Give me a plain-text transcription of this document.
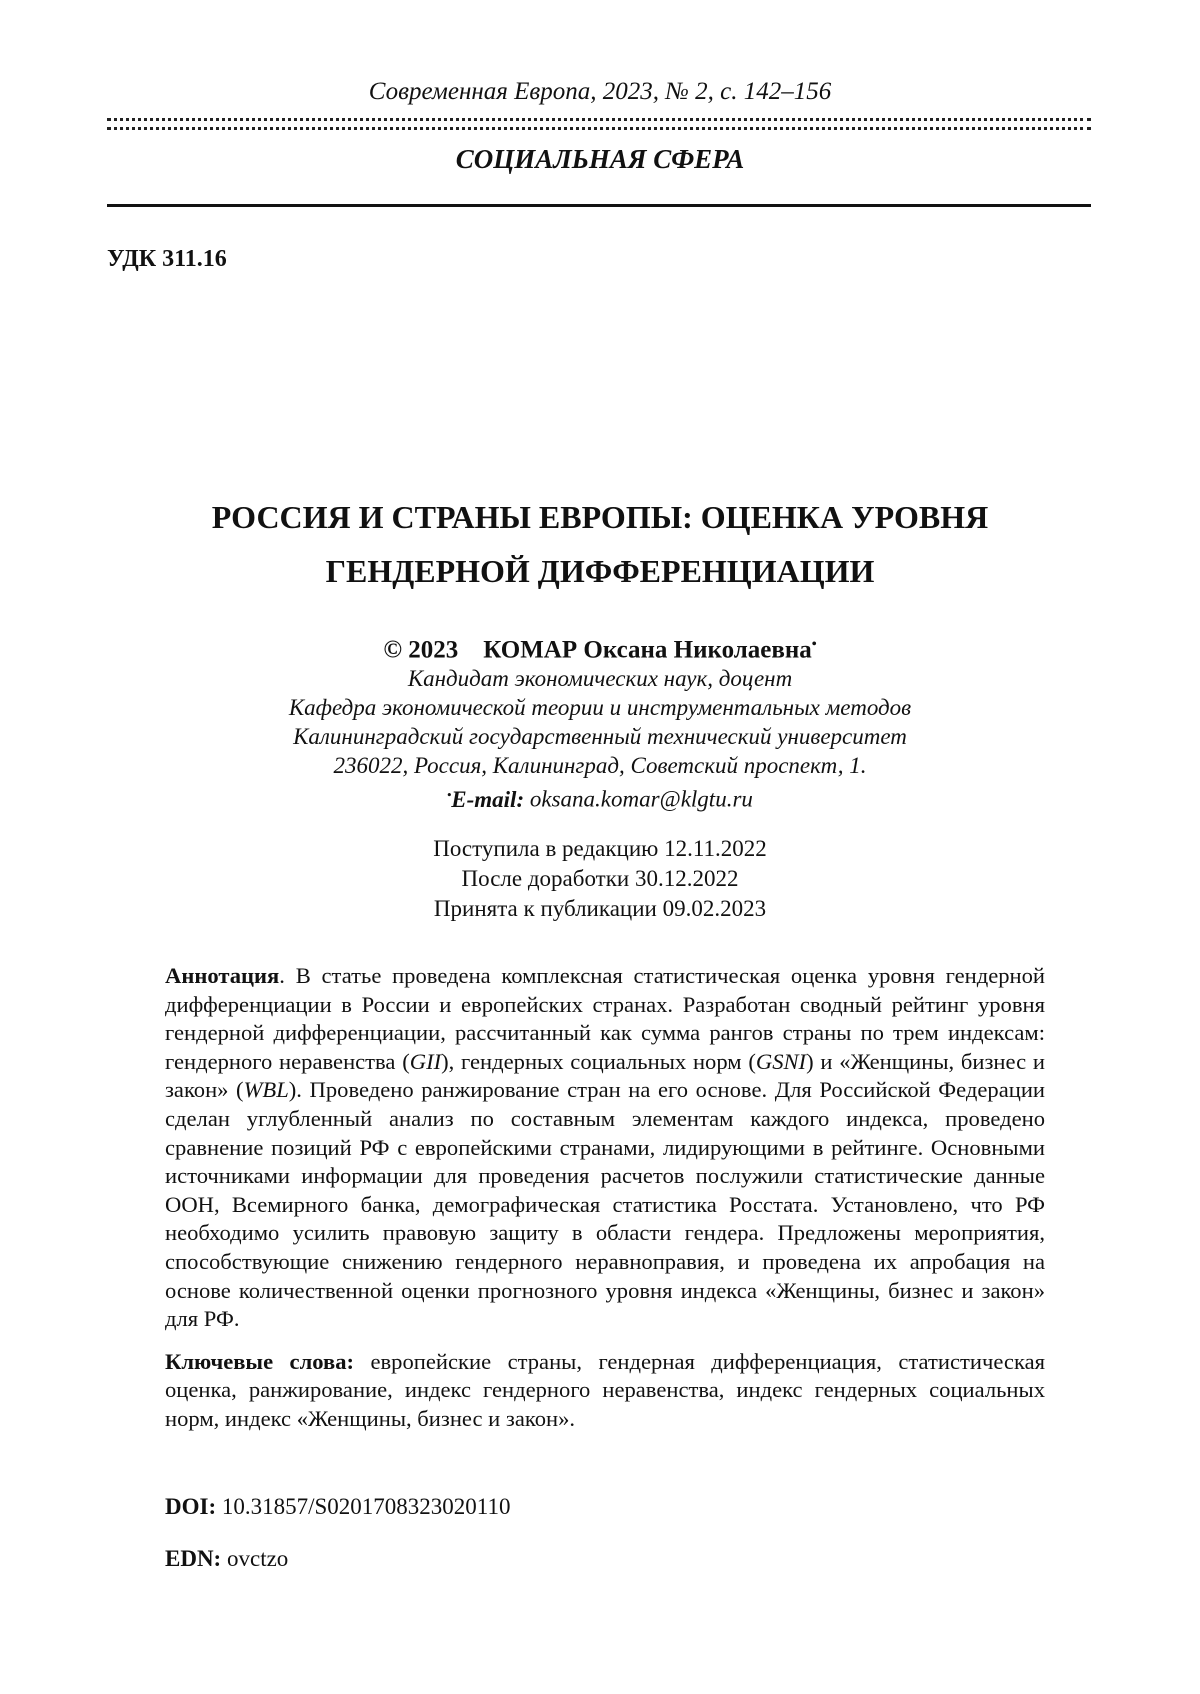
Современная Европа, 2023, № 2, с. 142–156
СОЦИАЛЬНАЯ СФЕРА
УДК 311.16
РОССИЯ И СТРАНЫ ЕВРОПЫ: ОЦЕНКА УРОВНЯ
ГЕНДЕРНОЙ ДИФФЕРЕНЦИАЦИИ
© 2023 КОМАР Оксана Николаевна•
Кандидат экономических наук, доцент
Кафедра экономической теории и инструментальных методов
Калининградский государственный технический университет
236022, Россия, Калининград, Советский проспект, 1.
•E-mail: oksana.komar@klgtu.ru
Поступила в редакцию 12.11.2022
После доработки 30.12.2022
Принята к публикации 09.02.2023

Аннотация. В статье проведена комплексная статистическая оценка уровня гендерной дифференциации в России и европейских странах. Разработан сводный рейтинг уровня гендерной дифференциации, рассчитанный как сумма рангов страны по трем индексам: гендерного неравенства (GII), гендерных социальных норм (GSNI) и «Женщины, бизнес и закон» (WBL). Проведено ранжирование стран на его основе. Для Российской Федерации сделан углубленный анализ по составным элементам каждого индекса, проведено сравнение позиций РФ с европейскими странами, лидирующими в рейтинге. Основными источниками информации для проведения расчетов послужили статистические данные ООН, Всемирного банка, демографическая статистика Росстата. Установлено, что РФ необходимо усилить правовую защиту в области гендера. Предложены мероприятия, способствующие снижению гендерного неравноправия, и проведена их апробация на основе количественной оценки прогнозного уровня индекса «Женщины, бизнес и закон» для РФ.

Ключевые слова: европейские страны, гендерная дифференциация, статистическая оценка, ранжирование, индекс гендерного неравенства, индекс гендерных социальных норм, индекс «Женщины, бизнес и закон».

DOI: 10.31857/S0201708323020110
EDN: ovctzo
